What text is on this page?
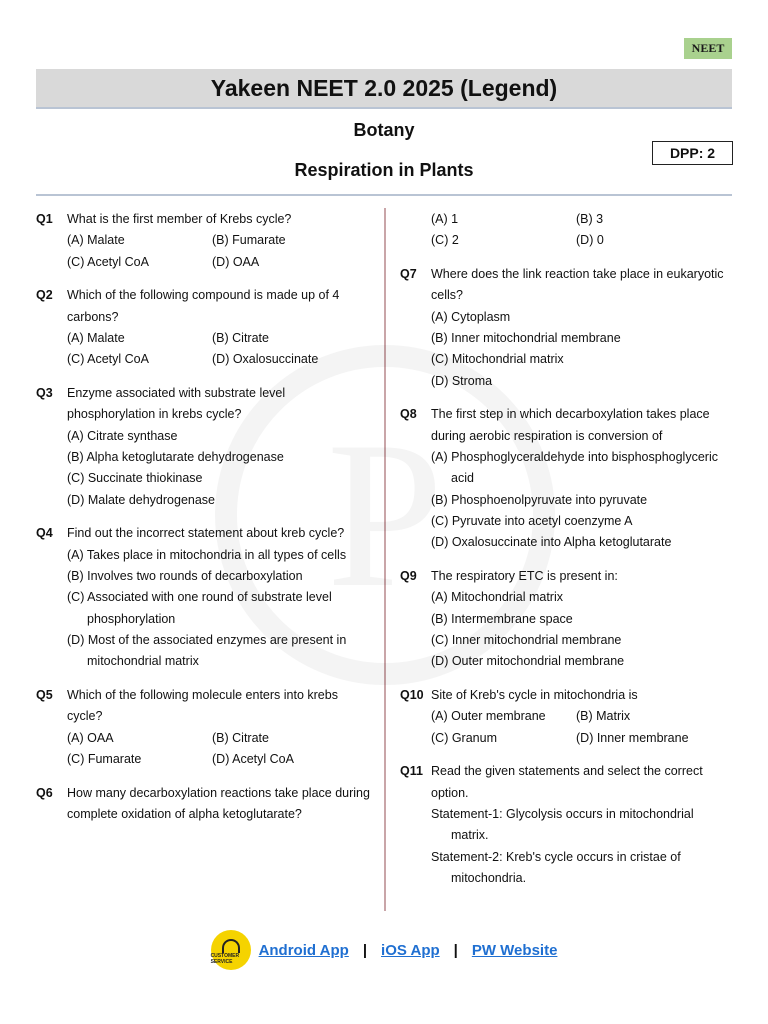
NEET
Yakeen NEET 2.0 2025 (Legend)
Botany
Respiration in Plants
DPP: 2
Q1	What is the first member of Krebs cycle?
(A) Malate	(B) Fumarate
(C) Acetyl CoA	(D) OAA
Q2	Which of the following compound is made up of 4 carbons?
(A) Malate	(B) Citrate
(C) Acetyl CoA	(D) Oxalosuccinate
Q3	Enzyme associated with substrate level phosphorylation in krebs cycle?
(A) Citrate synthase
(B) Alpha ketoglutarate dehydrogenase
(C) Succinate thiokinase
(D) Malate dehydrogenase
Q4	Find out the incorrect statement about kreb cycle?
(A) Takes place in mitochondria in all types of cells
(B) Involves two rounds of decarboxylation
(C) Associated with one round of substrate level phosphorylation
(D) Most of the associated enzymes are present in mitochondrial matrix
Q5	Which of the following molecule enters into krebs cycle?
(A) OAA	(B) Citrate
(C) Fumarate	(D) Acetyl CoA
Q6	How many decarboxylation reactions take place during complete oxidation of alpha ketoglutarate?
(A) 1	(B) 3
(C) 2	(D) 0
Q7	Where does the link reaction take place in eukaryotic cells?
(A) Cytoplasm
(B) Inner mitochondrial membrane
(C) Mitochondrial matrix
(D) Stroma
Q8	The first step in which decarboxylation takes place during aerobic respiration is conversion of
(A) Phosphoglyceraldehyde into bisphosphoglyceric acid
(B) Phosphoenolpyruvate into pyruvate
(C) Pyruvate into acetyl coenzyme A
(D) Oxalosuccinate into Alpha ketoglutarate
Q9	The respiratory ETC is present in:
(A) Mitochondrial matrix
(B) Intermembrane space
(C) Inner mitochondrial membrane
(D) Outer mitochondrial membrane
Q10 Site of Kreb's cycle in mitochondria is
(A) Outer membrane	(B) Matrix
(C) Granum	(D) Inner membrane
Q11 Read the given statements and select the correct option.
Statement-1: Glycolysis occurs in mitochondrial matrix.
Statement-2: Kreb's cycle occurs in cristae of mitochondria.
CUSTOMER SERVICE
Android App | iOS App | PW Website
